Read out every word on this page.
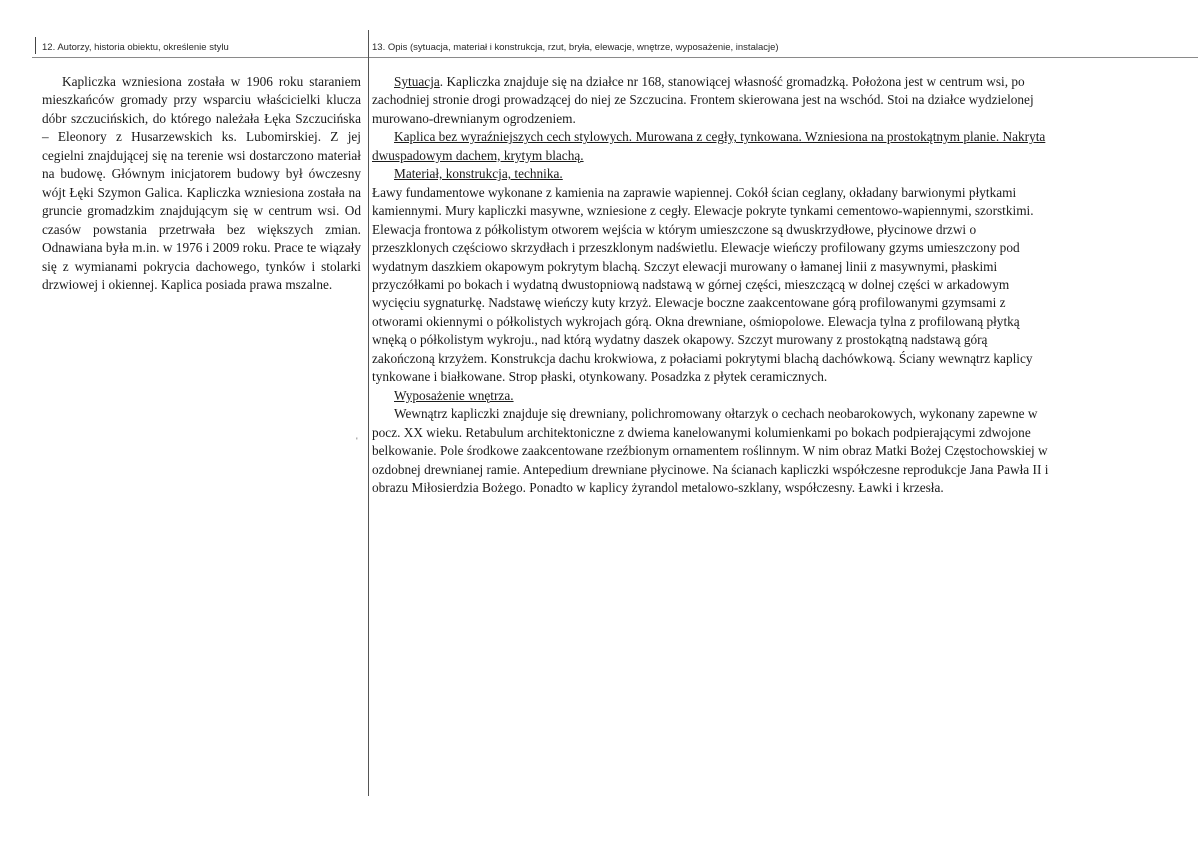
12. Autorzy, historia obiektu, określenie stylu	13. Opis (sytuacja, materiał i konstrukcja, rzut, bryła, elewacje, wnętrze, wyposażenie, instalacje)

Kapliczka wzniesiona została w 1906 roku staraniem mieszkańców gromady przy wsparciu właścicielki klucza dóbr szczucińskich, do którego należała Łęka Szczucińska – Eleonory z Husarzewskich ks. Lubomirskiej. Z jej cegielni znajdującej się na terenie wsi dostarczono materiał na budowę. Głównym inicjatorem budowy był ówczesny wójt Łęki Szymon Galica. Kapliczka wzniesiona została na gruncie gromadzkim znajdującym się w centrum wsi. Od czasów powstania przetrwała bez większych zmian. Odnawiana była m.in. w 1976 i 2009 roku. Prace te wiązały się z wymianami pokrycia dachowego, tynków i stolarki drzwiowej i okiennej. Kaplica posiada prawa mszalne.

'
Sytuacja. Kapliczka znajduje się na działce nr 168, stanowiącej własność gromadzką. Położona jest w centrum wsi, po
zachodniej stronie drogi prowadzącej do niej ze Szczucina. Frontem skierowana jest na wschód. Stoi na działce wydzielonej
murowano-drewnianym ogrodzeniem.
Kaplica bez wyraźniejszych cech stylowych. Murowana z cegły, tynkowana. Wzniesiona na prostokątnym planie. Nakryta
dwuspadowym dachem, krytym blachą.
Materiał, konstrukcja, technika.
Ławy fundamentowe wykonane z kamienia na zaprawie wapiennej. Cokół ścian ceglany, okładany barwionymi płytkami
kamiennymi. Mury kapliczki masywne, wzniesione z cegły. Elewacje pokryte tynkami cementowo-wapiennymi, szorstkimi.
Elewacja frontowa z półkolistym otworem wejścia w którym umieszczone są dwuskrzydłowe, płycinowe drzwi o
przeszklonych częściowo skrzydłach i przeszklonym nadświetlu. Elewacje wieńczy profilowany gzyms umieszczony pod
wydatnym daszkiem okapowym pokrytym blachą. Szczyt elewacji murowany o łamanej linii z masywnymi, płaskimi
przyczółkami po bokach i wydatną dwustopniową nadstawą w górnej części, mieszczącą w dolnej części w arkadowym
wycięciu sygnaturkę. Nadstawę wieńczy kuty krzyż. Elewacje boczne zaakcentowane górą profilowanymi gzymsami z
otworami okiennymi o półkolistych wykrojach górą. Okna drewniane, ośmiopolowe. Elewacja tylna z profilowaną płytką
wnęką o półkolistym wykroju., nad którą wydatny daszek okapowy. Szczyt murowany z prostokątną nadstawą górą
zakończoną krzyżem. Konstrukcja dachu krokwiowa, z połaciami pokrytymi blachą dachówkową. Ściany wewnątrz kaplicy
tynkowane i białkowane. Strop płaski, otynkowany. Posadzka z płytek ceramicznych.
Wyposażenie wnętrza.
Wewnątrz kapliczki znajduje się drewniany, polichromowany ołtarzyk o cechach neobarokowych, wykonany zapewne w
pocz. XX wieku. Retabulum architektoniczne z dwiema kanelowanymi kolumienkami po bokach podpierającymi zdwojone
belkowanie. Pole środkowe zaakcentowane rzeźbionym ornamentem roślinnym. W nim obraz Matki Bożej Częstochowskiej w
ozdobnej drewnianej ramie. Antepedium drewniane płycinowe. Na ścianach kapliczki współczesne reprodukcje Jana Pawła II i
obrazu Miłosierdzia Bożego. Ponadto w kaplicy żyrandol metalowo-szklany, współczesny. Ławki i krzesła.
